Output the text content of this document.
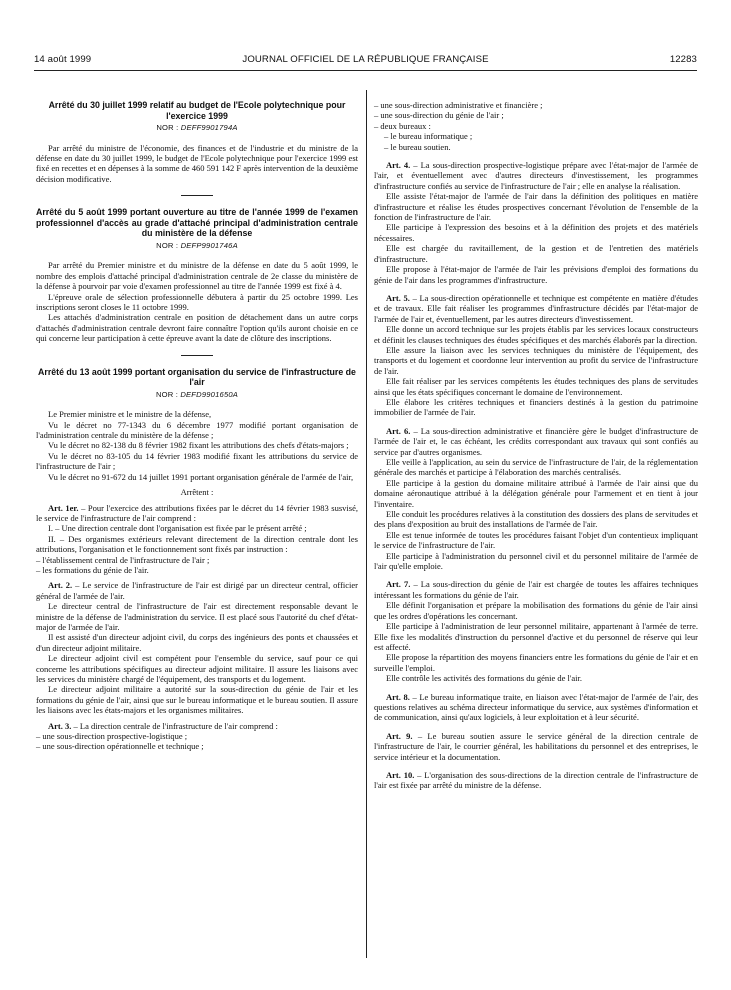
14 août 1999	JOURNAL OFFICIEL DE LA RÉPUBLIQUE FRANÇAISE	12283
Arrêté du 30 juillet 1999 relatif au budget de l'Ecole polytechnique pour l'exercice 1999
NOR : DEFF9901794A

Par arrêté du ministre de l'économie, des finances et de l'industrie et du ministre de la défense en date du 30 juillet 1999, le budget de l'Ecole polytechnique pour l'exercice 1999 est fixé en recettes et en dépenses à la somme de 460 591 142 F après intervention de la deuxième décision modificative.

Arrêté du 5 août 1999 portant ouverture au titre de l'année 1999 de l'examen professionnel d'accès au grade d'attaché principal d'administration centrale du ministère de la défense
NOR : DEFP9901746A

Par arrêté du Premier ministre et du ministre de la défense en date du 5 août 1999, le nombre des emplois d'attaché principal d'administration centrale de 2e classe du ministère de la défense à pourvoir par voie d'examen professionnel au titre de l'année 1999 est fixé à 4.

L'épreuve orale de sélection professionnelle débutera à partir du 25 octobre 1999. Les inscriptions seront closes le 11 octobre 1999.

Les attachés d'administration centrale en position de détachement dans un autre corps d'attachés d'administration centrale devront faire connaître l'option qu'ils auront choisie en ce qui concerne leur participation à cette épreuve avant la date de clôture des inscriptions.

Arrêté du 13 août 1999 portant organisation du service de l'infrastructure de l'air
NOR : DEFD9901650A

Le Premier ministre et le ministre de la défense,

Vu le décret no 77-1343 du 6 décembre 1977 modifié portant organisation de l'administration centrale du ministère de la défense ;

Vu le décret no 82-138 du 8 février 1982 fixant les attributions des chefs d'états-majors ;

Vu le décret no 83-105 du 14 février 1983 modifié fixant les attributions du service de l'infrastructure de l'air ;

Vu le décret no 91-672 du 14 juillet 1991 portant organisation générale de l'armée de l'air,

Arrêtent :

Art. 1er. – Pour l'exercice des attributions fixées par le décret du 14 février 1983 susvisé, le service de l'infrastructure de l'air comprend :

I. – Une direction centrale dont l'organisation est fixée par le présent arrêté ;

II. – Des organismes extérieurs relevant directement de la direction centrale dont les attributions, l'organisation et le fonctionnement sont fixés par instruction :

– l'établissement central de l'infrastructure de l'air ;

– les formations du génie de l'air.

Art. 2. – Le service de l'infrastructure de l'air est dirigé par un directeur central, officier général de l'armée de l'air.

Le directeur central de l'infrastructure de l'air est directement responsable devant le ministre de la défense de l'administration du service. Il est placé sous l'autorité du chef d'état-major de l'armée de l'air.

Il est assisté d'un directeur adjoint civil, du corps des ingénieurs des ponts et chaussées et d'un directeur adjoint militaire.

Le directeur adjoint civil est compétent pour l'ensemble du service, sauf pour ce qui concerne les attributions spécifiques au directeur adjoint militaire. Il assure les liaisons avec les services du ministère chargé de l'équipement, des transports et du logement.

Le directeur adjoint militaire a autorité sur la sous-direction du génie de l'air et les formations du génie de l'air, ainsi que sur le bureau informatique et le bureau soutien. Il assure les liaisons avec les états-majors et les organismes militaires.

Art. 3. – La direction centrale de l'infrastructure de l'air comprend :

– une sous-direction prospective-logistique ;

– une sous-direction opérationnelle et technique ;

– une sous-direction administrative et financière ;

– une sous-direction du génie de l'air ;

– deux bureaux :

– le bureau informatique ;

– le bureau soutien.

Art. 4. – La sous-direction prospective-logistique prépare avec l'état-major de l'armée de l'air, et éventuellement avec d'autres directeurs d'investissement, les programmes d'infrastructure confiés au service de l'infrastructure de l'air ; elle en analyse la réalisation.

Elle assiste l'état-major de l'armée de l'air dans la définition des politiques en matière d'infrastructure et réalise les études prospectives concernant l'évolution de l'ensemble de la fonction de l'infrastructure de l'air.

Elle participe à l'expression des besoins et à la définition des projets et des matériels nécessaires.

Elle est chargée du ravitaillement, de la gestion et de l'entretien des matériels d'infrastructure.

Elle propose à l'état-major de l'armée de l'air les prévisions d'emploi des formations du génie de l'air dans les programmes d'infrastructure.

Art. 5. – La sous-direction opérationnelle et technique est compétente en matière d'études et de travaux. Elle fait réaliser les programmes d'infrastructure décidés par l'état-major de l'armée de l'air et, éventuellement, par les autres directeurs d'investissement.

Elle donne un accord technique sur les projets établis par les services locaux constructeurs et définit les clauses techniques des études spécifiques et des marchés élaborés par la direction.

Elle assure la liaison avec les services techniques du ministère de l'équipement, des transports et du logement et coordonne leur intervention au profit du service de l'infrastructure de l'air.

Elle fait réaliser par les services compétents les études techniques des plans de servitudes ainsi que les états spécifiques concernant le domaine de l'environnement.

Elle élabore les critères techniques et financiers destinés à la gestion du patrimoine immobilier de l'armée de l'air.

Art. 6. – La sous-direction administrative et financière gère le budget d'infrastructure de l'armée de l'air et, le cas échéant, les crédits correspondant aux travaux qui sont confiés au service par d'autres organismes.

Elle veille à l'application, au sein du service de l'infrastructure de l'air, de la réglementation générale des marchés et participe à l'élaboration des marchés centralisés.

Elle participe à la gestion du domaine militaire attribué à l'armée de l'air ainsi que du domaine aéronautique attribué à la délégation générale pour l'armement et en tient à jour l'inventaire.

Elle conduit les procédures relatives à la constitution des dossiers des plans de servitudes et des plans d'exposition au bruit des installations de l'armée de l'air.

Elle est tenue informée de toutes les procédures faisant l'objet d'un contentieux impliquant le service de l'infrastructure de l'air.

Elle participe à l'administration du personnel civil et du personnel militaire de l'armée de l'air qu'elle emploie.

Art. 7. – La sous-direction du génie de l'air est chargée de toutes les affaires techniques intéressant les formations du génie de l'air.

Elle définit l'organisation et prépare la mobilisation des formations du génie de l'air ainsi que les ordres d'opérations les concernant.

Elle participe à l'administration de leur personnel militaire, appartenant à l'armée de terre. Elle fixe les modalités d'instruction du personnel d'active et du personnel de réserve qui leur est affecté.

Elle propose la répartition des moyens financiers entre les formations du génie de l'air et en surveille l'emploi.

Elle contrôle les activités des formations du génie de l'air.

Art. 8. – Le bureau informatique traite, en liaison avec l'état-major de l'armée de l'air, des questions relatives au schéma directeur informatique du service, aux systèmes d'information et de communication, ainsi qu'aux logiciels, à leur exploitation et à leur sécurité.

Art. 9. – Le bureau soutien assure le service général de la direction centrale de l'infrastructure de l'air, le courrier général, les habilitations du personnel et des entreprises, le service intérieur et la documentation.

Art. 10. – L'organisation des sous-directions de la direction centrale de l'infrastructure de l'air est fixée par arrêté du ministre de la défense.
